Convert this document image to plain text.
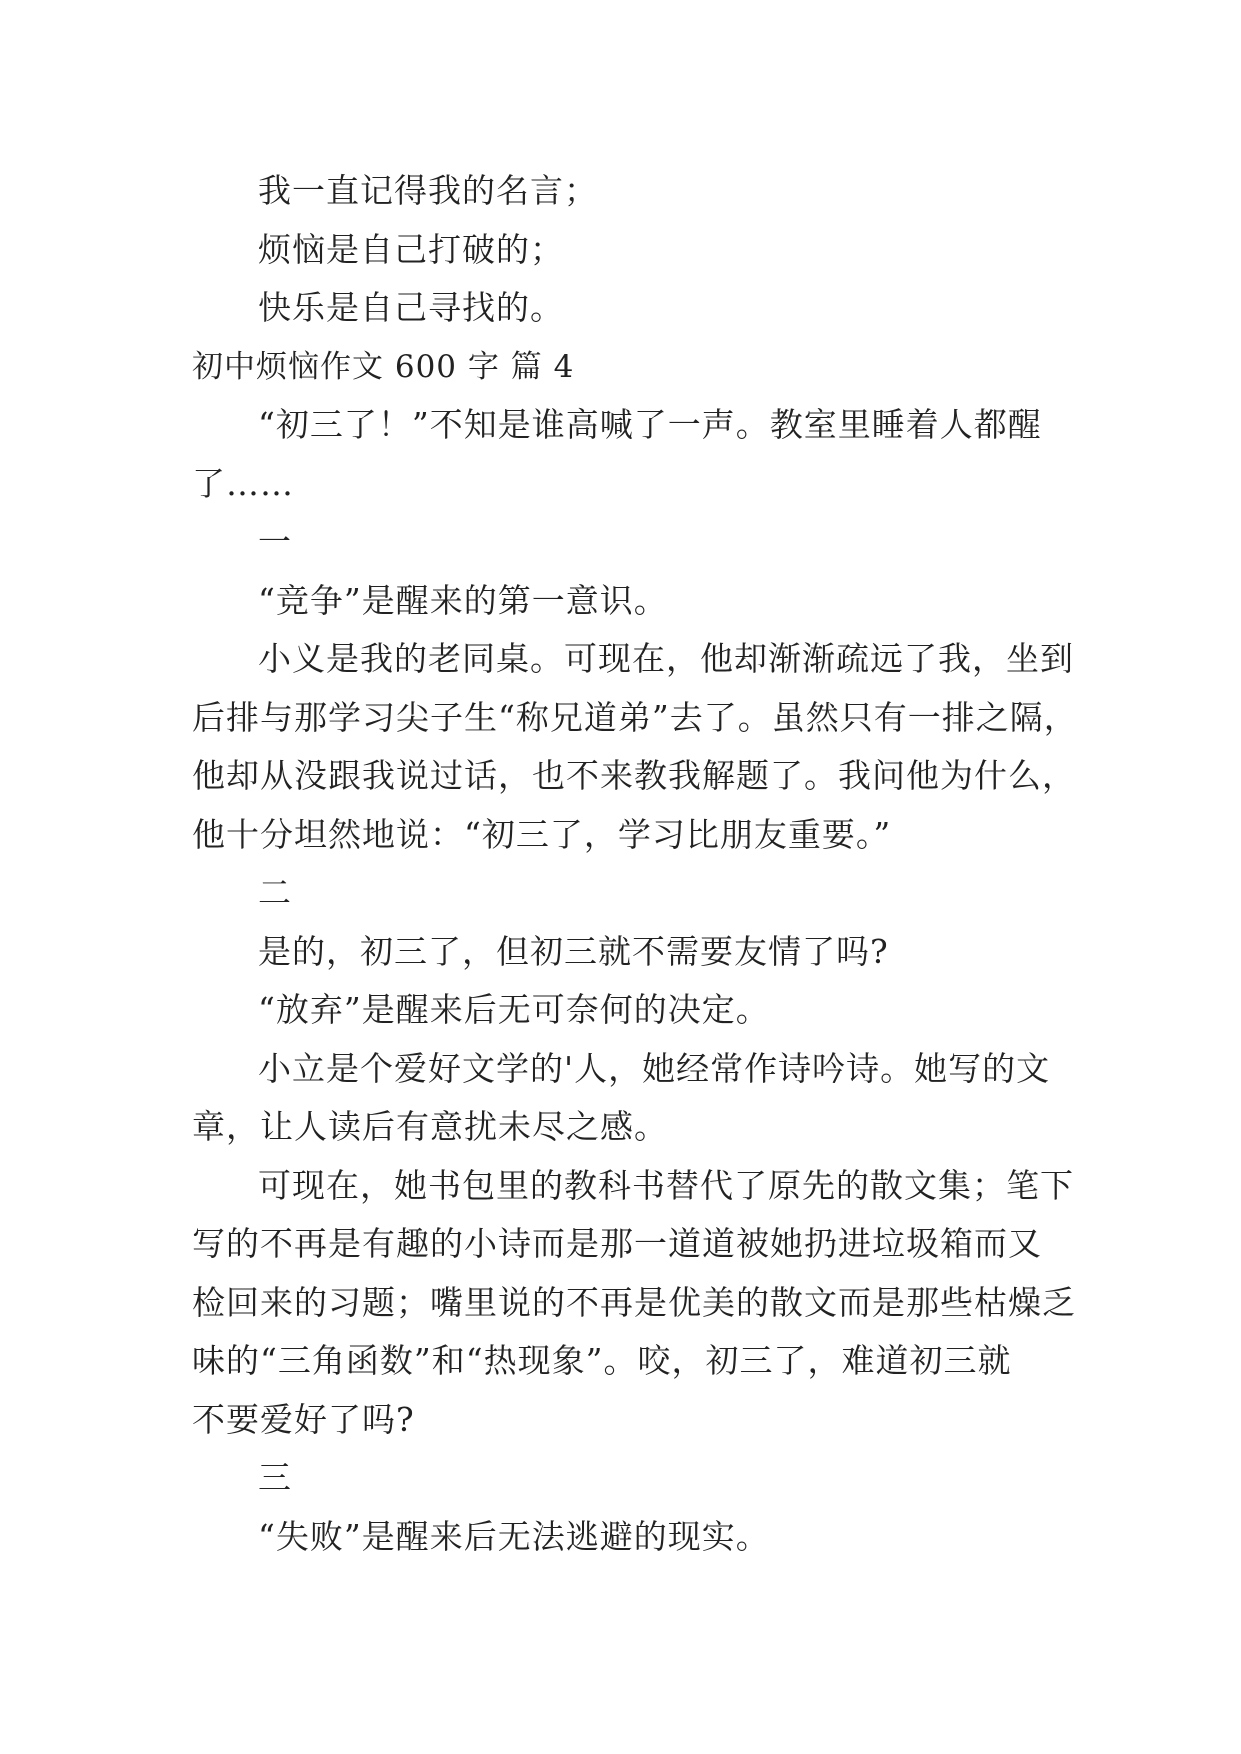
我一直记得我的名言；
烦恼是自己打破的；
快乐是自己寻找的。
初中烦恼作文 600 字 篇 4
“初三了！”不知是谁高喊了一声。教室里睡着人都醒
了……
一
“竞争”是醒来的第一意识。
小义是我的老同桌。可现在，他却渐渐疏远了我，坐到
后排与那学习尖子生“称兄道弟”去了。虽然只有一排之隔，
他却从没跟我说过话，也不来教我解题了。我问他为什么，
他十分坦然地说：“初三了，学习比朋友重要。”
二
是的，初三了，但初三就不需要友情了吗?
“放弃”是醒来后无可奈何的决定。
小立是个爱好文学的'人，她经常作诗吟诗。她写的文
章，让人读后有意扰未尽之感。
可现在，她书包里的教科书替代了原先的散文集；笔下
写的不再是有趣的小诗而是那一道道被她扔进垃圾箱而又
检回来的习题；嘴里说的不再是优美的散文而是那些枯燥乏
味的“三角函数”和“热现象”。咬，初三了，难道初三就
不要爱好了吗?
三
“失败”是醒来后无法逃避的现实。
